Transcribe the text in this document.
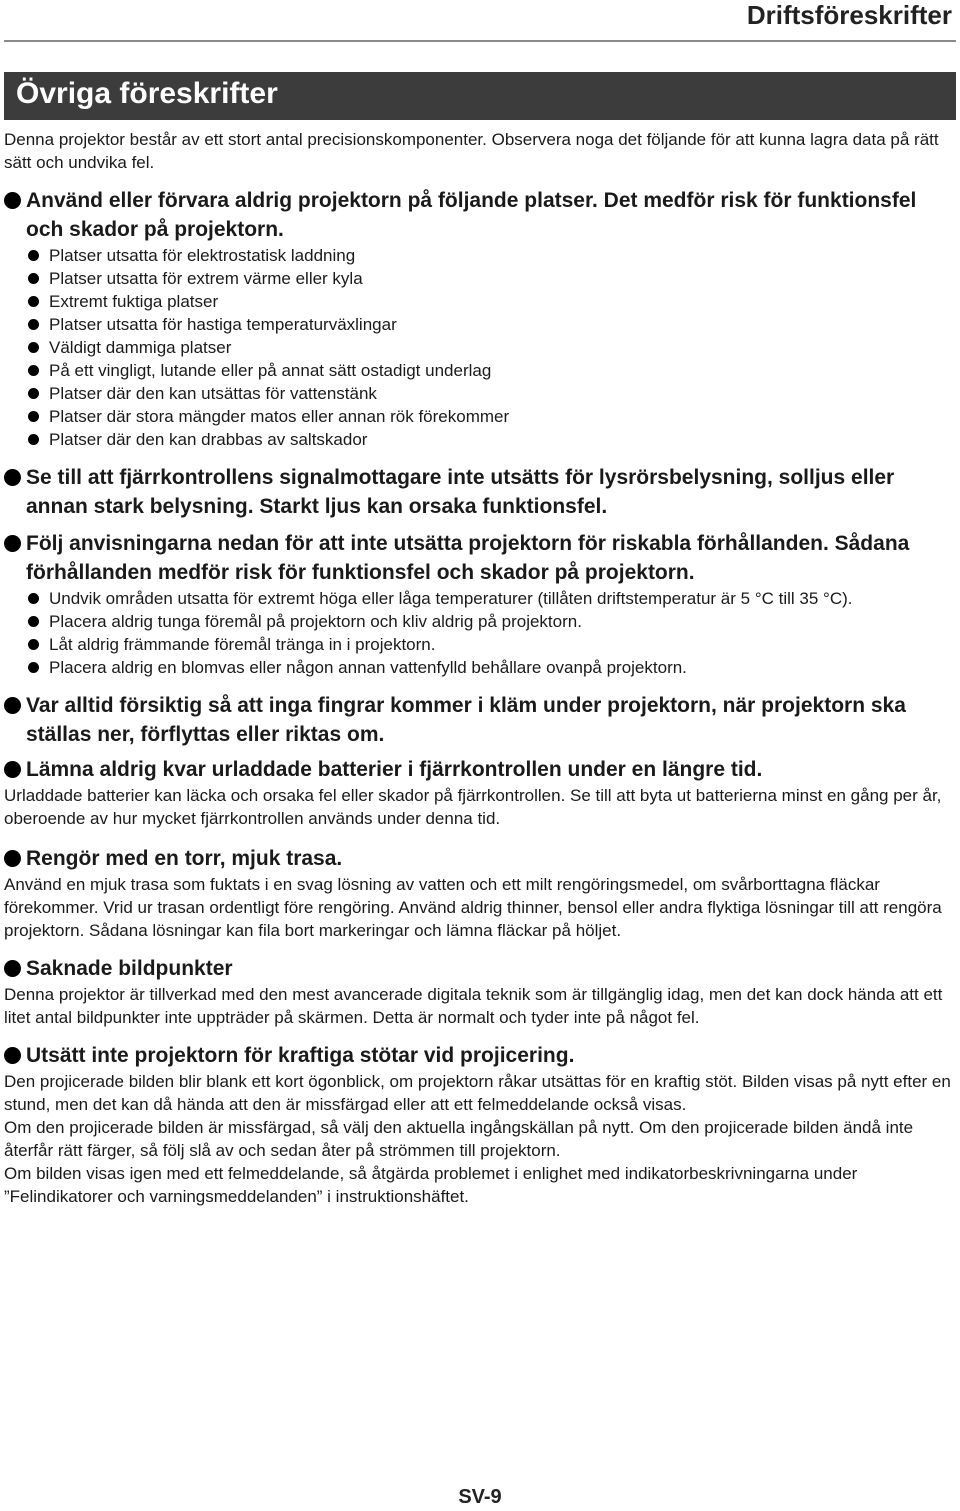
Driftsföreskrifter
Övriga föreskrifter

Denna projektor består av ett stort antal precisionskomponenter. Observera noga det följande för att kunna lagra data på rätt sätt och undvika fel.

Använd eller förvara aldrig projektorn på följande platser. Det medför risk för funktionsfel och skador på projektorn.
Platser utsatta för elektrostatisk laddning
Platser utsatta för extrem värme eller kyla
Extremt fuktiga platser
Platser utsatta för hastiga temperaturväxlingar
Väldigt dammiga platser
På ett vingligt, lutande eller på annat sätt ostadigt underlag
Platser där den kan utsättas för vattenstänk
Platser där stora mängder matos eller annan rök förekommer
Platser där den kan drabbas av saltskador
Se till att fjärrkontrollens signalmottagare inte utsätts för lysrörsbelysning, solljus eller annan stark belysning. Starkt ljus kan orsaka funktionsfel.
Följ anvisningarna nedan för att inte utsätta projektorn för riskabla förhållanden. Sådana förhållanden medför risk för funktionsfel och skador på projektorn.
Undvik områden utsatta för extremt höga eller låga temperaturer (tillåten driftstemperatur är 5 °C till 35 °C).
Placera aldrig tunga föremål på projektorn och kliv aldrig på projektorn.
Låt aldrig främmande föremål tränga in i projektorn.
Placera aldrig en blomvas eller någon annan vattenfylld behållare ovanpå projektorn.
Var alltid försiktig så att inga fingrar kommer i kläm under projektorn, när projektorn ska ställas ner, förflyttas eller riktas om.
Lämna aldrig kvar urladdade batterier i fjärrkontrollen under en längre tid.

Urladdade batterier kan läcka och orsaka fel eller skador på fjärrkontrollen. Se till att byta ut batterierna minst en gång per år, oberoende av hur mycket fjärrkontrollen används under denna tid.

Rengör med en torr, mjuk trasa.

Använd en mjuk trasa som fuktats i en svag lösning av vatten och ett milt rengöringsmedel, om svårborttagna fläckar förekommer. Vrid ur trasan ordentligt före rengöring. Använd aldrig thinner, bensol eller andra flyktiga lösningar till att rengöra projektorn. Sådana lösningar kan fila bort markeringar och lämna fläckar på höljet.

Saknade bildpunkter

Denna projektor är tillverkad med den mest avancerade digitala teknik som är tillgänglig idag, men det kan dock hända att ett litet antal bildpunkter inte uppträder på skärmen. Detta är normalt och tyder inte på något fel.

Utsätt inte projektorn för kraftiga stötar vid projicering.

Den projicerade bilden blir blank ett kort ögonblick, om projektorn råkar utsättas för en kraftig stöt. Bilden visas på nytt efter en stund, men det kan då hända att den är missfärgad eller att ett felmeddelande också visas.

Om den projicerade bilden är missfärgad, så välj den aktuella ingångskällan på nytt. Om den projicerade bilden ändå inte återfår rätt färger, så följ slå av och sedan åter på strömmen till projektorn.

Om bilden visas igen med ett felmeddelande, så åtgärda problemet i enlighet med indikatorbeskrivningarna under ”Felindikatorer och varningsmeddelanden” i instruktionshäftet.

SV-9
